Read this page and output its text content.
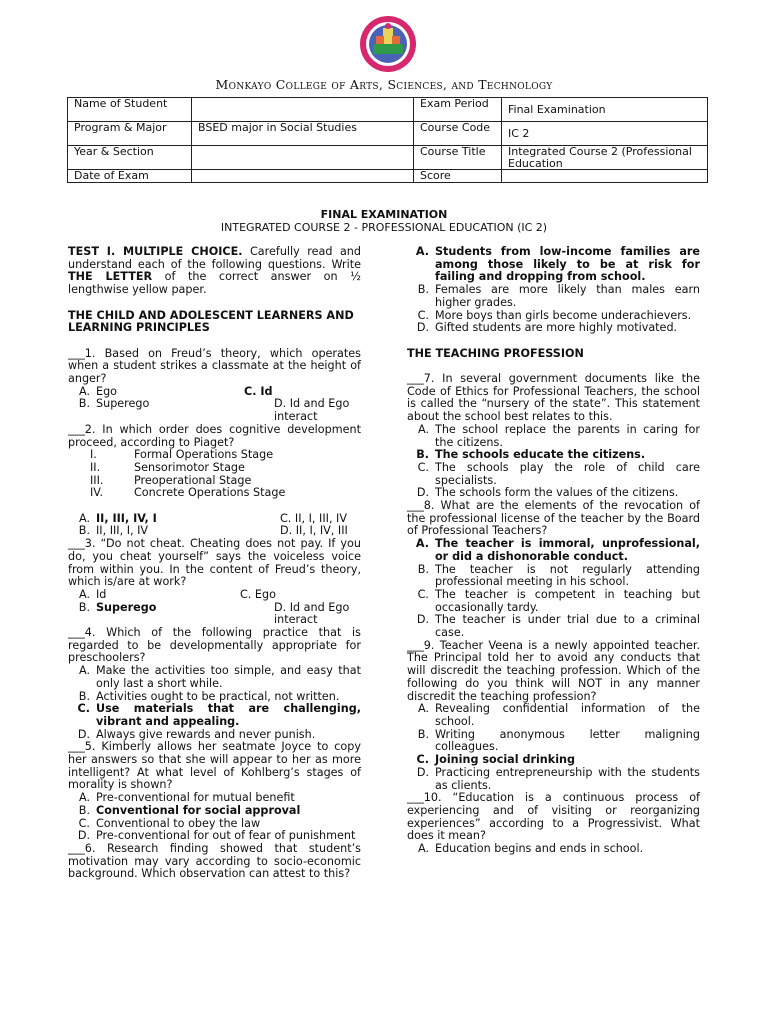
Monkayo College of Arts, Sciences, and Technology
Name of Student		Exam Period	Final Examination
Program & Major	BSED major in Social Studies	Course Code	IC 2
Year & Section		Course Title	Integrated Course 2 (Professional Education
Date of Exam		Score	
FINAL EXAMINATION
INTEGRATED COURSE 2 - PROFESSIONAL EDUCATION (IC 2)

TEST I. MULTIPLE CHOICE. Carefully read and understand each of the following questions. Write THE LETTER of the correct answer on ½ lengthwise yellow paper.

THE CHILD AND ADOLESCENT LEARNERS AND LEARNING PRINCIPLES

___1. Based on Freud’s theory, which operates when a student strikes a classmate at the height of anger?

A. Ego	C. Id
B. Superego	D. Id and Ego interact

___2. In which order does cognitive development proceed, according to Piaget?

I.	Formal Operations Stage
II.	Sensorimotor Stage
III.	Preoperational Stage
IV.	Concrete Operations Stage
A. II, III, IV, I	C. II, I, III, IV
B. II, III, I, IV	D. II, I, IV, III

___3. “Do not cheat. Cheating does not pay. If you do, you cheat yourself” says the voiceless voice from within you. In the content of Freud’s theory, which is/are at work?

A. Id	C. Ego
B. Superego	D. Id and Ego interact

___4. Which of the following practice that is regarded to be developmentally appropriate for preschoolers?

A. Make the activities too simple, and easy that only last a short while.
B. Activities ought to be practical, not written.
C. Use materials that are challenging, vibrant and appealing.
D. Always give rewards and never punish.

___5. Kimberly allows her seatmate Joyce to copy her answers so that she will appear to her as more intelligent? At what level of Kohlberg’s stages of morality is shown?

A. Pre-conventional for mutual benefit
B. Conventional for social approval
C. Conventional to obey the law
D. Pre-conventional for out of fear of punishment

___6. Research finding showed that student’s motivation may vary according to socio-economic background. Which observation can attest to this?

A. Students from low-income families are among those likely to be at risk for failing and dropping from school.
B. Females are more likely than males earn higher grades.
C. More boys than girls become underachievers.
D. Gifted students are more highly motivated.

THE TEACHING PROFESSION

___7. In several government documents like the Code of Ethics for Professional Teachers, the school is called the “nursery of the state”. This statement about the school best relates to this.

A. The school replace the parents in caring for the citizens.
B. The schools educate the citizens.
C. The schools play the role of child care specialists.
D. The schools form the values of the citizens.

___8. What are the elements of the revocation of the professional license of the teacher by the Board of Professional Teachers?

A. The teacher is immoral, unprofessional, or did a dishonorable conduct.
B. The teacher is not regularly attending professional meeting in his school.
C. The teacher is competent in teaching but occasionally tardy.
D. The teacher is under trial due to a criminal case.

___9. Teacher Veena is a newly appointed teacher. The Principal told her to avoid any conducts that will discredit the teaching profession. Which of the following do you think will NOT in any manner discredit the teaching profession?

A. Revealing confidential information of the school.
B. Writing anonymous letter maligning colleagues.
C. Joining social drinking
D. Practicing entrepreneurship with the students as clients.

___10. “Education is a continuous process of experiencing and of visiting or reorganizing experiences” according to a Progressivist. What does it mean?

A. Education begins and ends in school.
